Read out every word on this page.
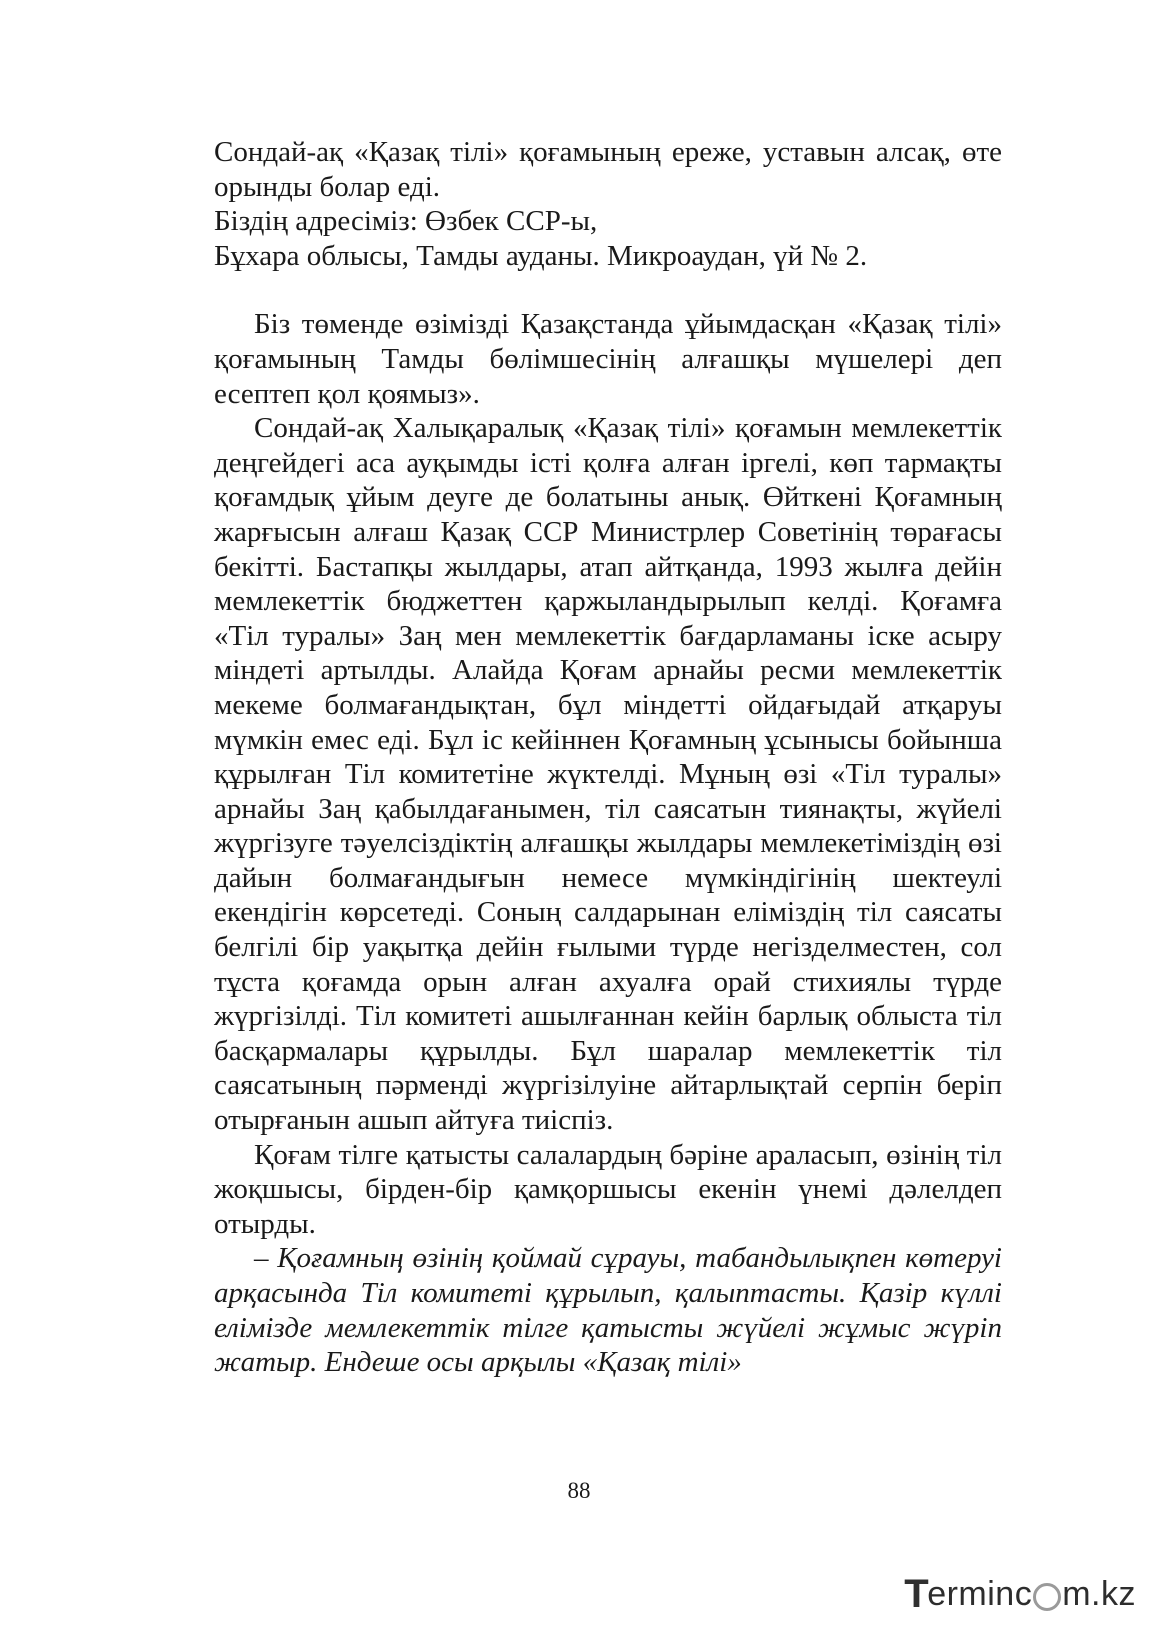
Сондай-ақ «Қазақ тілі» қоғамының ереже, уставын алсақ, өте орынды болар еді.

Біздің адресіміз: Өзбек ССР-ы,
Бұхара облысы, Тамды ауданы. Микроаудан, үй № 2.

Біз төменде өзімізді Қазақстанда ұйымдасқан «Қазақ тілі» қоғамының Тамды бөлімшесінің алғашқы мүшелері деп есептеп қол қоямыз».

Сондай-ақ Халықаралық «Қазақ тілі» қоғамын мемлекеттік деңгейдегі аса ауқымды істі қолға алған іргелі, көп тармақты қоғамдық ұйым деуге де болатыны анық. Өйткені Қоғамның жарғысын алғаш Қазақ ССР Министрлер Советінің төрағасы бекітті. Бастапқы жылдары, атап айтқанда, 1993 жылға дейін мемлекеттік бюджеттен қаржыландырылып келді. Қоғамға «Тіл туралы» Заң мен мемлекеттік бағдарламаны іске асыру міндеті артылды. Алайда Қоғам арнайы ресми мемлекеттік мекеме болмағандықтан, бұл міндетті ойдағыдай атқаруы мүмкін емес еді. Бұл іс кейіннен Қоғамның ұсынысы бойынша құрылған Тіл комитетіне жүктелді. Мұның өзі «Тіл туралы» арнайы Заң қабылдағанымен, тіл саясатын тиянақты, жүйелі жүргізуге тәуелсіздіктің алғашқы жылдары мемлекетіміздің өзі дайын болмағандығын немесе мүмкіндігінің шектеулі екендігін көрсетеді. Соның салдарынан еліміздің тіл саясаты белгілі бір уақытқа дейін ғылыми түрде негізделместен, сол тұста қоғамда орын алған ахуалға орай стихиялы түрде жүргізілді. Тіл комитеті ашылғаннан кейін барлық облыста тіл басқармалары құрылды. Бұл шаралар мемлекеттік тіл саясатының пәрменді жүргізілуіне айтарлықтай серпін беріп отырғанын ашып айтуға тиіспіз.

Қоғам тілге қатысты салалардың бәріне араласып, өзінің тіл жоқшысы, бірден-бір қамқоршысы екенін үнемі дәлелдеп отырды.

– Қоғамның өзінің қоймай сұрауы, табандылықпен көтеруі арқасында Тіл комитеті құрылып, қалыптасты. Қазір күллі елімізде мемлекеттік тілге қатысты жүйелі жұмыс жүріп жатыр. Ендеше осы арқылы «Қазақ тілі»

88
T
erminc m.kz
